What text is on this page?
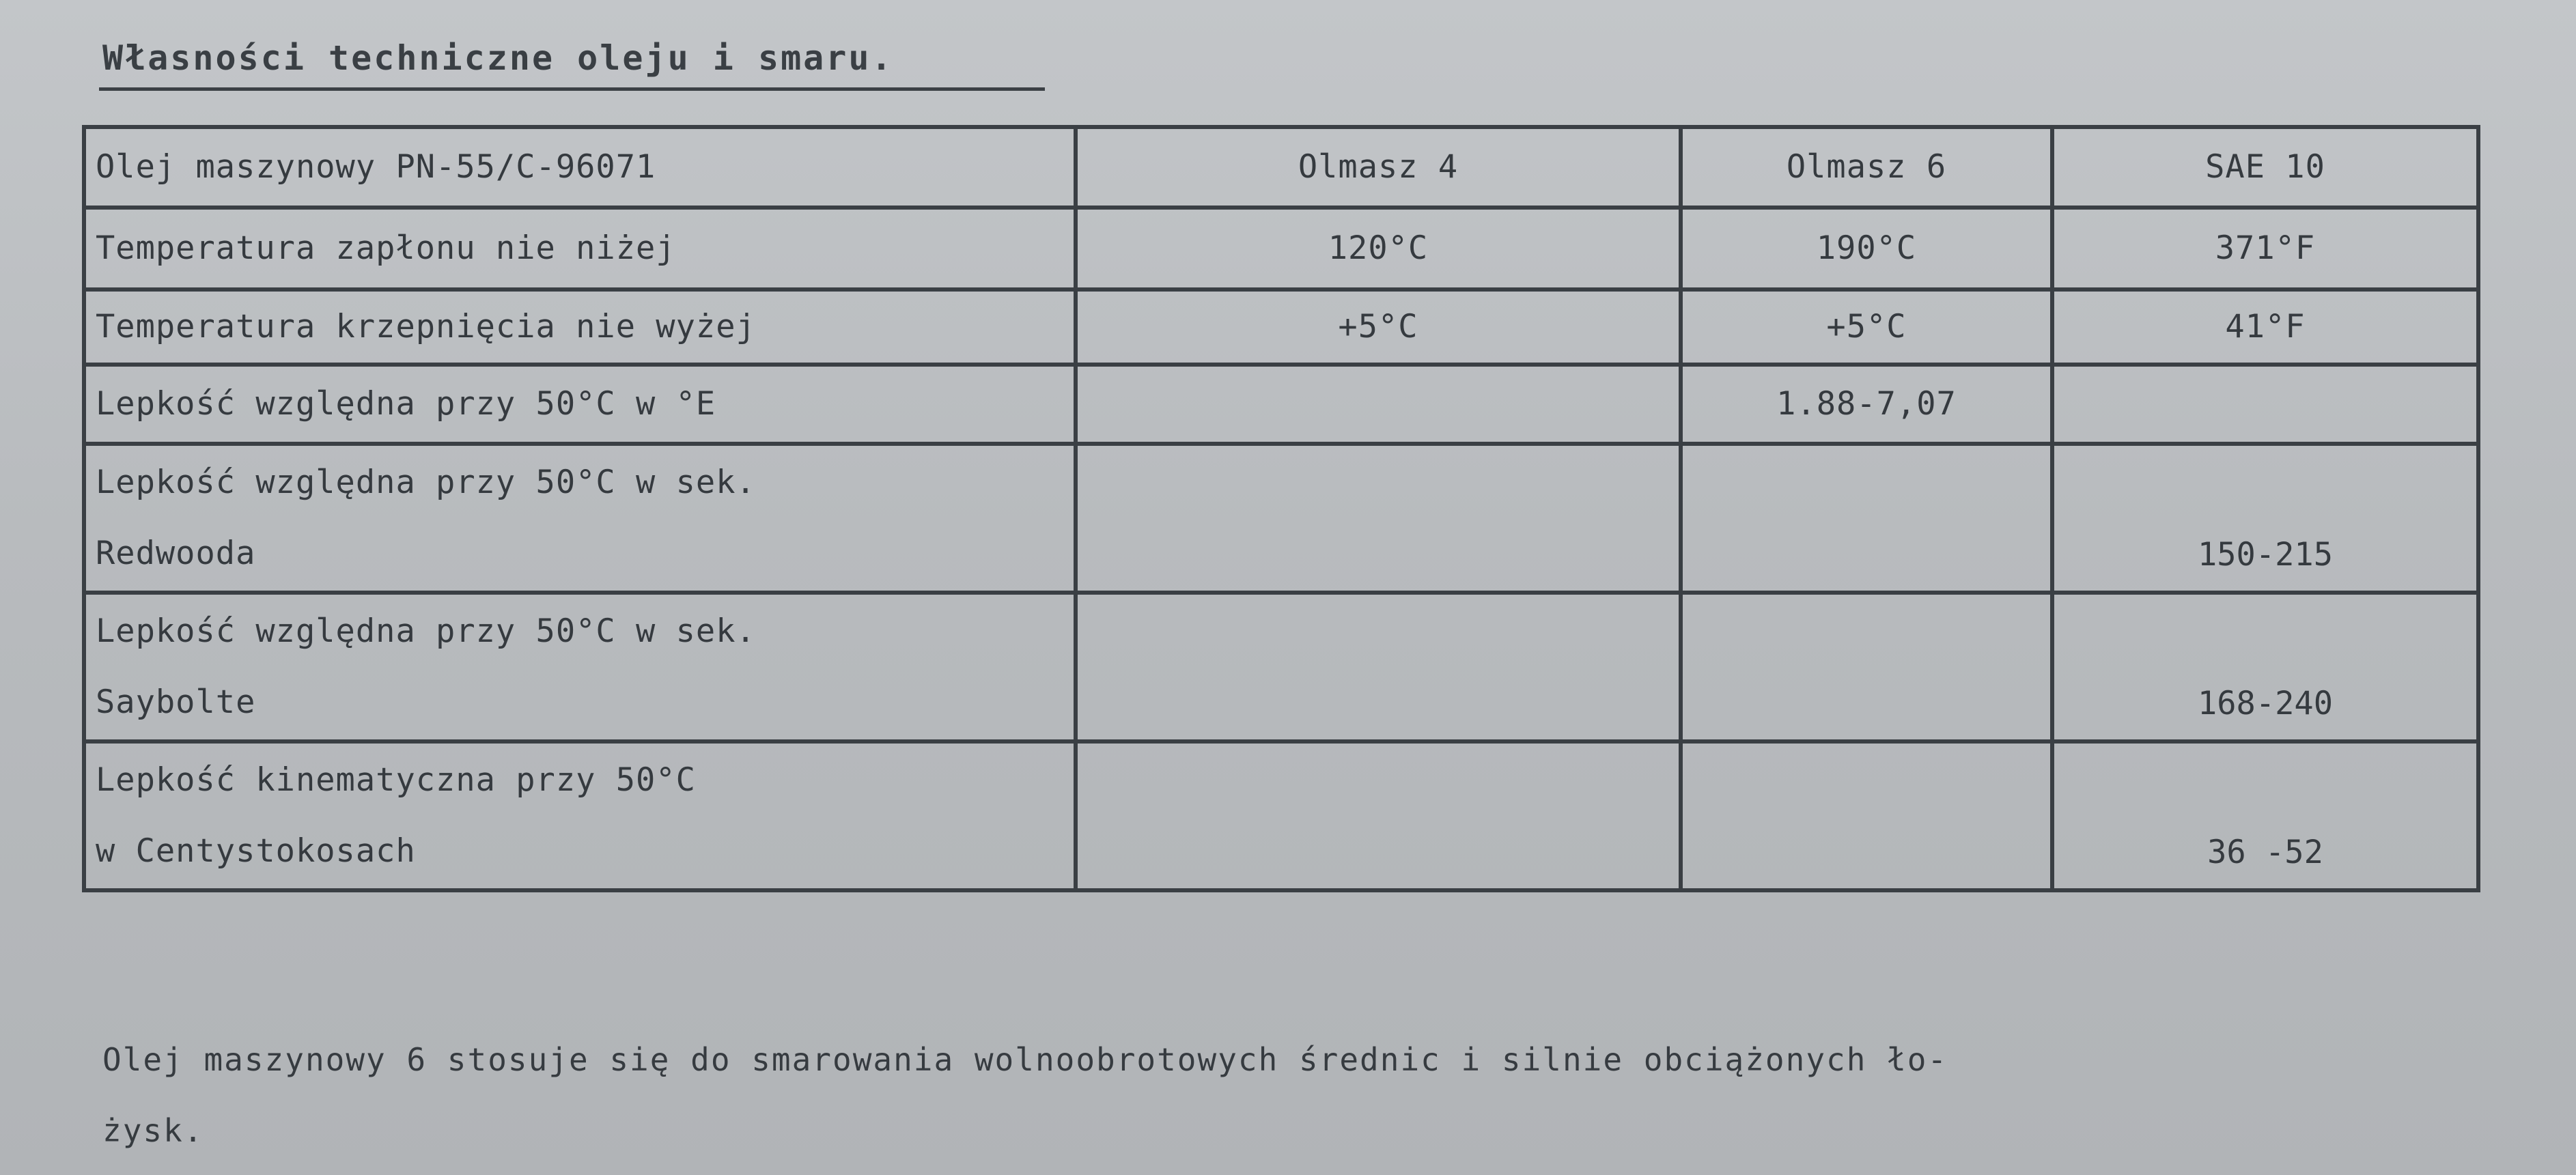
Własności techniczne oleju i smaru.
Olej maszynowy PN-55/C-96071	Olmasz 4	Olmasz 6	SAE 10
Temperatura zapłonu nie niżej	120°C	190°C	371°F
Temperatura krzepnięcia nie wyżej	+5°C	+5°C	41°F
Lepkość względna przy 50°C w °E		1.88-7,07	

Lepkość względna przy 50°C w sek.
Redwooda			150-215

Lepkość względna przy 50°C w sek.
Saybolte			168-240

Lepkość kinematyczna przy 50°C
w Centystokosach			36 -52

Olej maszynowy 6 stosuje się do smarowania wolnoobrotowych średnic i silnie obciążonych ło-
żysk.
